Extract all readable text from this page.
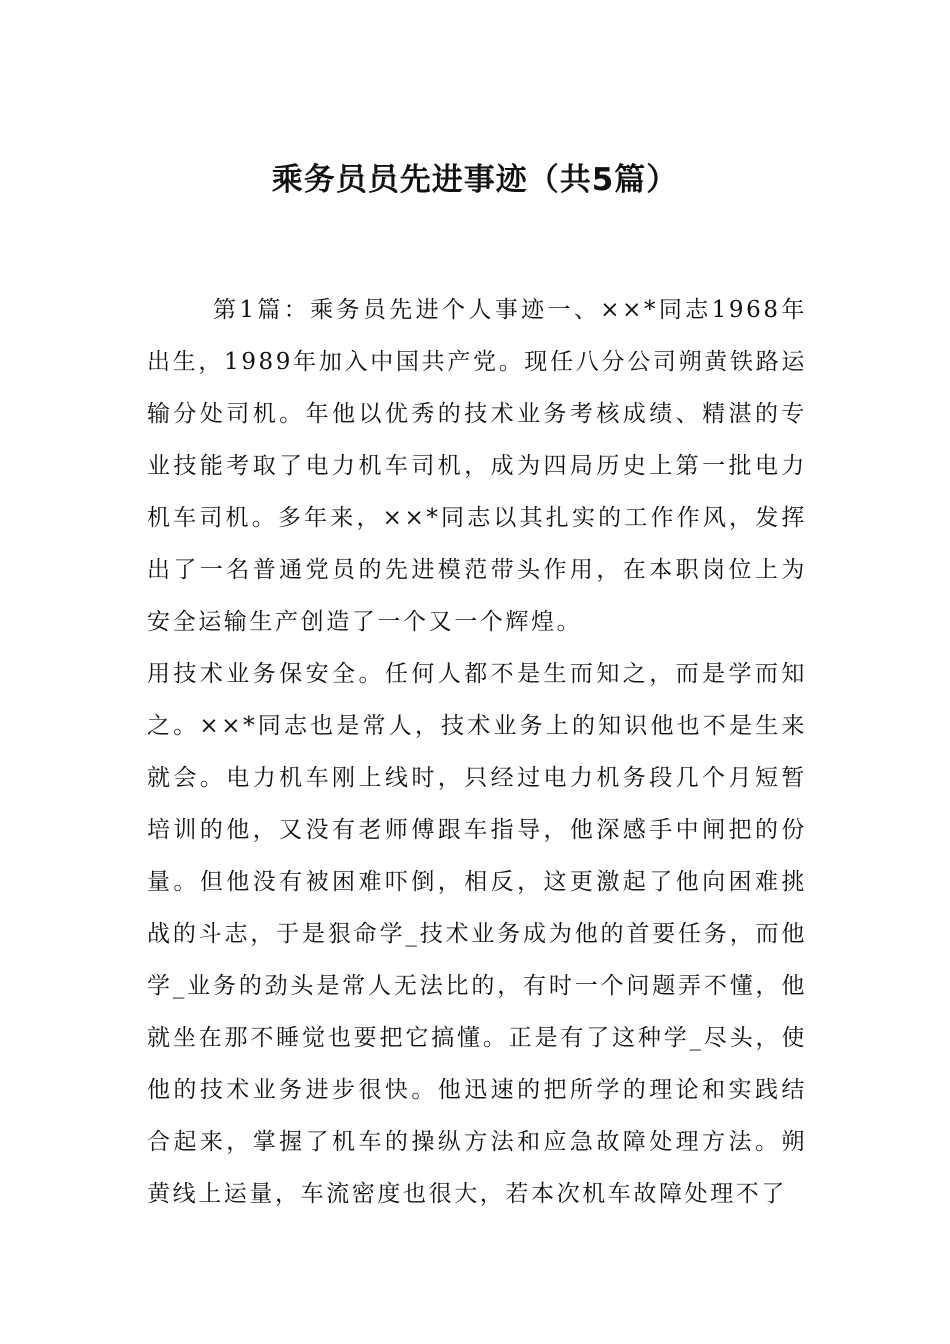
乘务员员先进事迹（共5篇）

第1篇：乘务员先进个人事迹一、××*同志1968年出生，1989年加入中国共产党。现任八分公司朔黄铁路运输分处司机。年他以优秀的技术业务考核成绩、精湛的专业技能考取了电力机车司机，成为四局历史上第一批电力机车司机。多年来，××*同志以其扎实的工作作风，发挥出了一名普通党员的先进模范带头作用，在本职岗位上为安全运输生产创造了一个又一个辉煌。

用技术业务保安全。任何人都不是生而知之，而是学而知之。××*同志也是常人，技术业务上的知识他也不是生来就会。电力机车刚上线时，只经过电力机务段几个月短暂培训的他，又没有老师傅跟车指导，他深感手中闸把的份量。但他没有被困难吓倒，相反，这更激起了他向困难挑战的斗志，于是狠命学_技术业务成为他的首要任务，而他学_业务的劲头是常人无法比的，有时一个问题弄不懂，他就坐在那不睡觉也要把它搞懂。正是有了这种学_尽头，使他的技术业务进步很快。他迅速的把所学的理论和实践结合起来，掌握了机车的操纵方法和应急故障处理方法。朔黄线上运量，车流密度也很大，若本次机车故障处理不了
